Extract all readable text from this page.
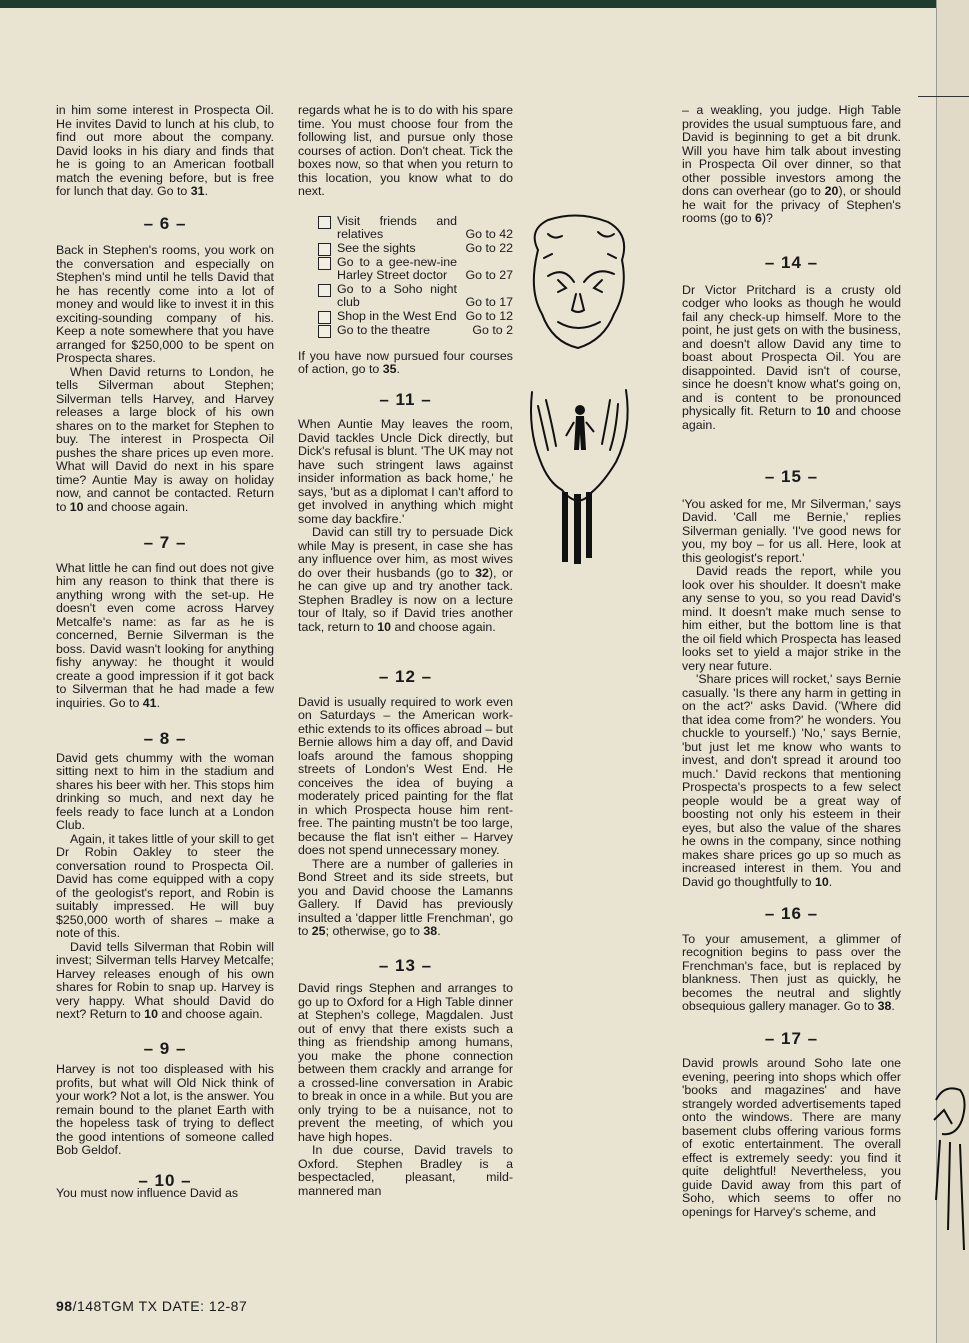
in him some interest in Prospecta Oil. He invites David to lunch at his club, to find out more about the company. David looks in his diary and finds that he is going to an American football match the evening before, but is free for lunch that day. Go to 31.

– 6 –

Back in Stephen's rooms, you work on the conversation and especially on Stephen's mind until he tells David that he has recently come into a lot of money and would like to invest it in this exciting-sounding company of his. Keep a note somewhere that you have arranged for $250,000 to be spent on Prospecta shares.

When David returns to London, he tells Silverman about Stephen; Silverman tells Harvey, and Harvey releases a large block of his own shares on to the market for Stephen to buy. The interest in Prospecta Oil pushes the share prices up even more. What will David do next in his spare time? Auntie May is away on holiday now, and cannot be contacted. Return to 10 and choose again.

– 7 –

What little he can find out does not give him any reason to think that there is anything wrong with the set-up. He doesn't even come across Harvey Metcalfe's name: as far as he is concerned, Bernie Silverman is the boss. David wasn't looking for anything fishy anyway: he thought it would create a good impression if it got back to Silverman that he had made a few inquiries. Go to 41.

– 8 –

David gets chummy with the woman sitting next to him in the stadium and shares his beer with her. This stops him drinking so much, and next day he feels ready to face lunch at a London Club.

Again, it takes little of your skill to get Dr Robin Oakley to steer the conversation round to Prospecta Oil. David has come equipped with a copy of the geologist's report, and Robin is suitably impressed. He will buy $250,000 worth of shares – make a note of this.

David tells Silverman that Robin will invest; Silverman tells Harvey Metcalfe; Harvey releases enough of his own shares for Robin to snap up. Harvey is very happy. What should David do next? Return to 10 and choose again.

– 9 –

Harvey is not too displeased with his profits, but what will Old Nick think of your work? Not a lot, is the answer. You remain bound to the planet Earth with the hopeless task of trying to deflect the good intentions of someone called Bob Geldof.

– 10 –

You must now influence David as

regards what he is to do with his spare time. You must choose four from the following list, and pursue only those courses of action. Don't cheat. Tick the boxes now, so that when you return to this location, you know what to do next.

Visit friends and relatives	Go to 42
See the sights	Go to 22
Go to a gee-new-ine Harley Street doctor	Go to 27
Go to a Soho night club	Go to 17
Shop in the West End Go to 12
Go to the theatre	Go to 2

If you have now pursued four courses of action, go to 35.

– 11 –

When Auntie May leaves the room, David tackles Uncle Dick directly, but Dick's refusal is blunt. 'The UK may not have such stringent laws against insider information as back home,' he says, 'but as a diplomat I can't afford to get involved in anything which might some day backfire.'

David can still try to persuade Dick while May is present, in case she has any influence over him, as most wives do over their husbands (go to 32), or he can give up and try another tack. Stephen Bradley is now on a lecture tour of Italy, so if David tries another tack, return to 10 and choose again.

– 12 –

David is usually required to work even on Saturdays – the American work-ethic extends to its offices abroad – but Bernie allows him a day off, and David loafs around the famous shopping streets of London's West End. He conceives the idea of buying a moderately priced painting for the flat in which Prospecta house him rent-free. The painting mustn't be too large, because the flat isn't either – Harvey does not spend unnecessary money.

There are a number of galleries in Bond Street and its side streets, but you and David choose the Lamanns Gallery. If David has previously insulted a 'dapper little Frenchman', go to 25; otherwise, go to 38.

– 13 –

David rings Stephen and arranges to go up to Oxford for a High Table dinner at Stephen's college, Magdalen. Just out of envy that there exists such a thing as friendship among humans, you make the phone connection between them crackly and arrange for a crossed-line conversation in Arabic to break in once in a while. But you are only trying to be a nuisance, not to prevent the meeting, of which you have high hopes.

In due course, David travels to Oxford. Stephen Bradley is a bespectacled, pleasant, mild-mannered man

– a weakling, you judge. High Table provides the usual sumptuous fare, and David is beginning to get a bit drunk. Will you have him talk about investing in Prospecta Oil over dinner, so that other possible investors among the dons can overhear (go to 20), or should he wait for the privacy of Stephen's rooms (go to 6)?

– 14 –

Dr Victor Pritchard is a crusty old codger who looks as though he would fail any check-up himself. More to the point, he just gets on with the business, and doesn't allow David any time to boast about Prospecta Oil. You are disappointed. David isn't of course, since he doesn't know what's going on, and is content to be pronounced physically fit. Return to 10 and choose again.

– 15 –

'You asked for me, Mr Silverman,' says David. 'Call me Bernie,' replies Silverman genially. 'I've good news for you, my boy – for us all. Here, look at this geologist's report.'

David reads the report, while you look over his shoulder. It doesn't make any sense to you, so you read David's mind. It doesn't make much sense to him either, but the bottom line is that the oil field which Prospecta has leased looks set to yield a major strike in the very near future.

'Share prices will rocket,' says Bernie casually. 'Is there any harm in getting in on the act?' asks David. ('Where did that idea come from?' he wonders. You chuckle to yourself.) 'No,' says Bernie, 'but just let me know who wants to invest, and don't spread it around too much.' David reckons that mentioning Prospecta's prospects to a few select people would be a great way of boosting not only his esteem in their eyes, but also the value of the shares he owns in the company, since nothing makes share prices go up so much as increased interest in them. You and David go thoughtfully to 10.

– 16 –

To your amusement, a glimmer of recognition begins to pass over the Frenchman's face, but is replaced by blankness. Then just as quickly, he becomes the neutral and slightly obsequious gallery manager. Go to 38.

– 17 –

David prowls around Soho late one evening, peering into shops which offer 'books and magazines' and have strangely worded advertisements taped onto the windows. There are many basement clubs offering various forms of exotic entertainment. The overall effect is extremely seedy: you find it quite delightful! Nevertheless, you guide David away from this part of Soho, which seems to offer no openings for Harvey's scheme, and

98/148TGM TX DATE: 12-87
